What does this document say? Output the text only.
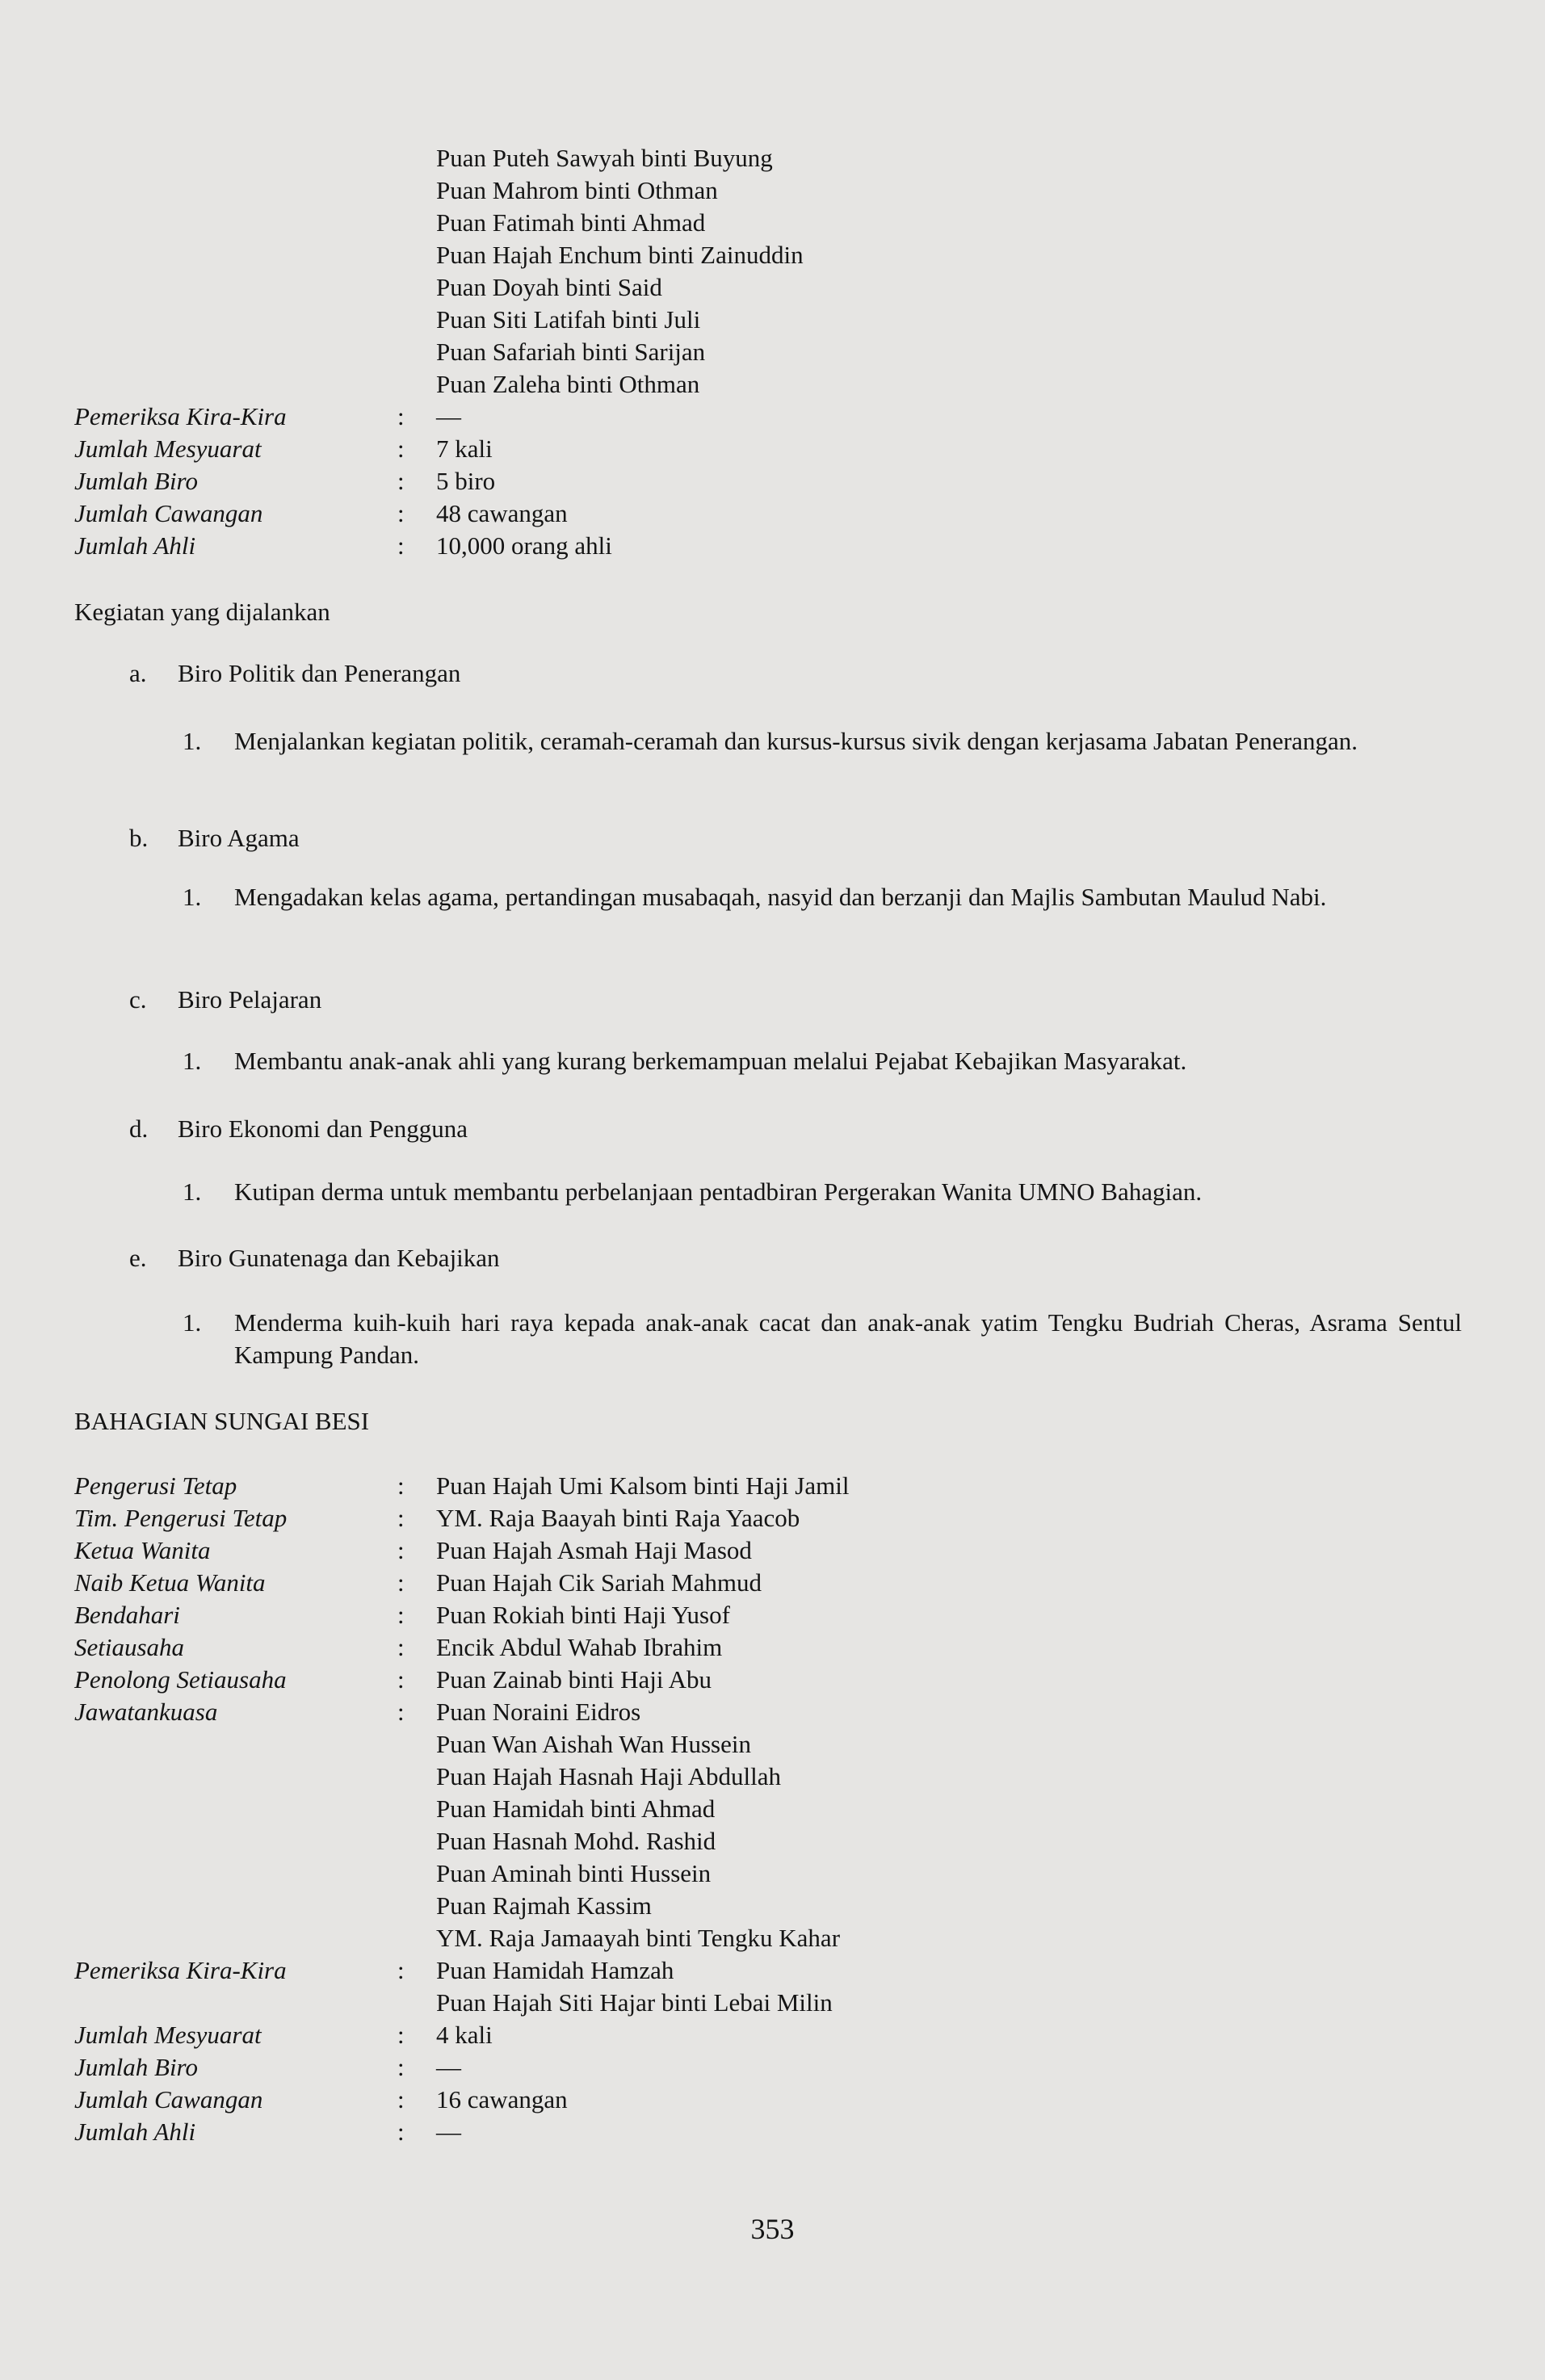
Puan Puteh Sawyah binti Buyung
Puan Mahrom binti Othman
Puan Fatimah binti Ahmad
Puan Hajah Enchum binti Zainuddin
Puan Doyah binti Said
Puan Siti Latifah binti Juli
Puan Safariah binti Sarijan
Puan Zaleha binti Othman
Pemeriksa Kira-Kira	: —
Jumlah Mesyuarat	: 7 kali
Jumlah Biro	: 5 biro
Jumlah Cawangan	: 48 cawangan
Jumlah Ahli	: 10,000 orang ahli
Kegiatan yang dijalankan
a. Biro Politik dan Penerangan
1. Menjalankan kegiatan politik, ceramah-ceramah dan kursus-kursus sivik dengan kerjasama Jabatan Penerangan.
b. Biro Agama
1. Mengadakan kelas agama, pertandingan musabaqah, nasyid dan berzanji dan Majlis Sambutan Maulud Nabi.
c. Biro Pelajaran
1. Membantu anak-anak ahli yang kurang berkemampuan melalui Pejabat Kebajikan Masyarakat.
d. Biro Ekonomi dan Pengguna
1. Kutipan derma untuk membantu perbelanjaan pentadbiran Pergerakan Wanita UMNO Bahagian.
e. Biro Gunatenaga dan Kebajikan
1. Menderma kuih-kuih hari raya kepada anak-anak cacat dan anak-anak yatim Tengku Budriah Cheras, Asrama Sentul Kampung Pandan.
BAHAGIAN SUNGAI BESI
Pengerusi Tetap	: Puan Hajah Umi Kalsom binti Haji Jamil
Tim. Pengerusi Tetap	: YM. Raja Baayah binti Raja Yaacob
Ketua Wanita	: Puan Hajah Asmah Haji Masod
Naib Ketua Wanita	: Puan Hajah Cik Sariah Mahmud
Bendahari	: Puan Rokiah binti Haji Yusof
Setiausaha	: Encik Abdul Wahab Ibrahim
Penolong Setiausaha	: Puan Zainab binti Haji Abu
Jawatankuasa	: Puan Noraini Eidros
Puan Wan Aishah Wan Hussein
Puan Hajah Hasnah Haji Abdullah
Puan Hamidah binti Ahmad
Puan Hasnah Mohd. Rashid
Puan Aminah binti Hussein
Puan Rajmah Kassim
YM. Raja Jamaayah binti Tengku Kahar
Pemeriksa Kira-Kira	: Puan Hamidah Hamzah
Puan Hajah Siti Hajar binti Lebai Milin
Jumlah Mesyuarat	: 4 kali
Jumlah Biro	: —
Jumlah Cawangan	: 16 cawangan
Jumlah Ahli	: —
353
